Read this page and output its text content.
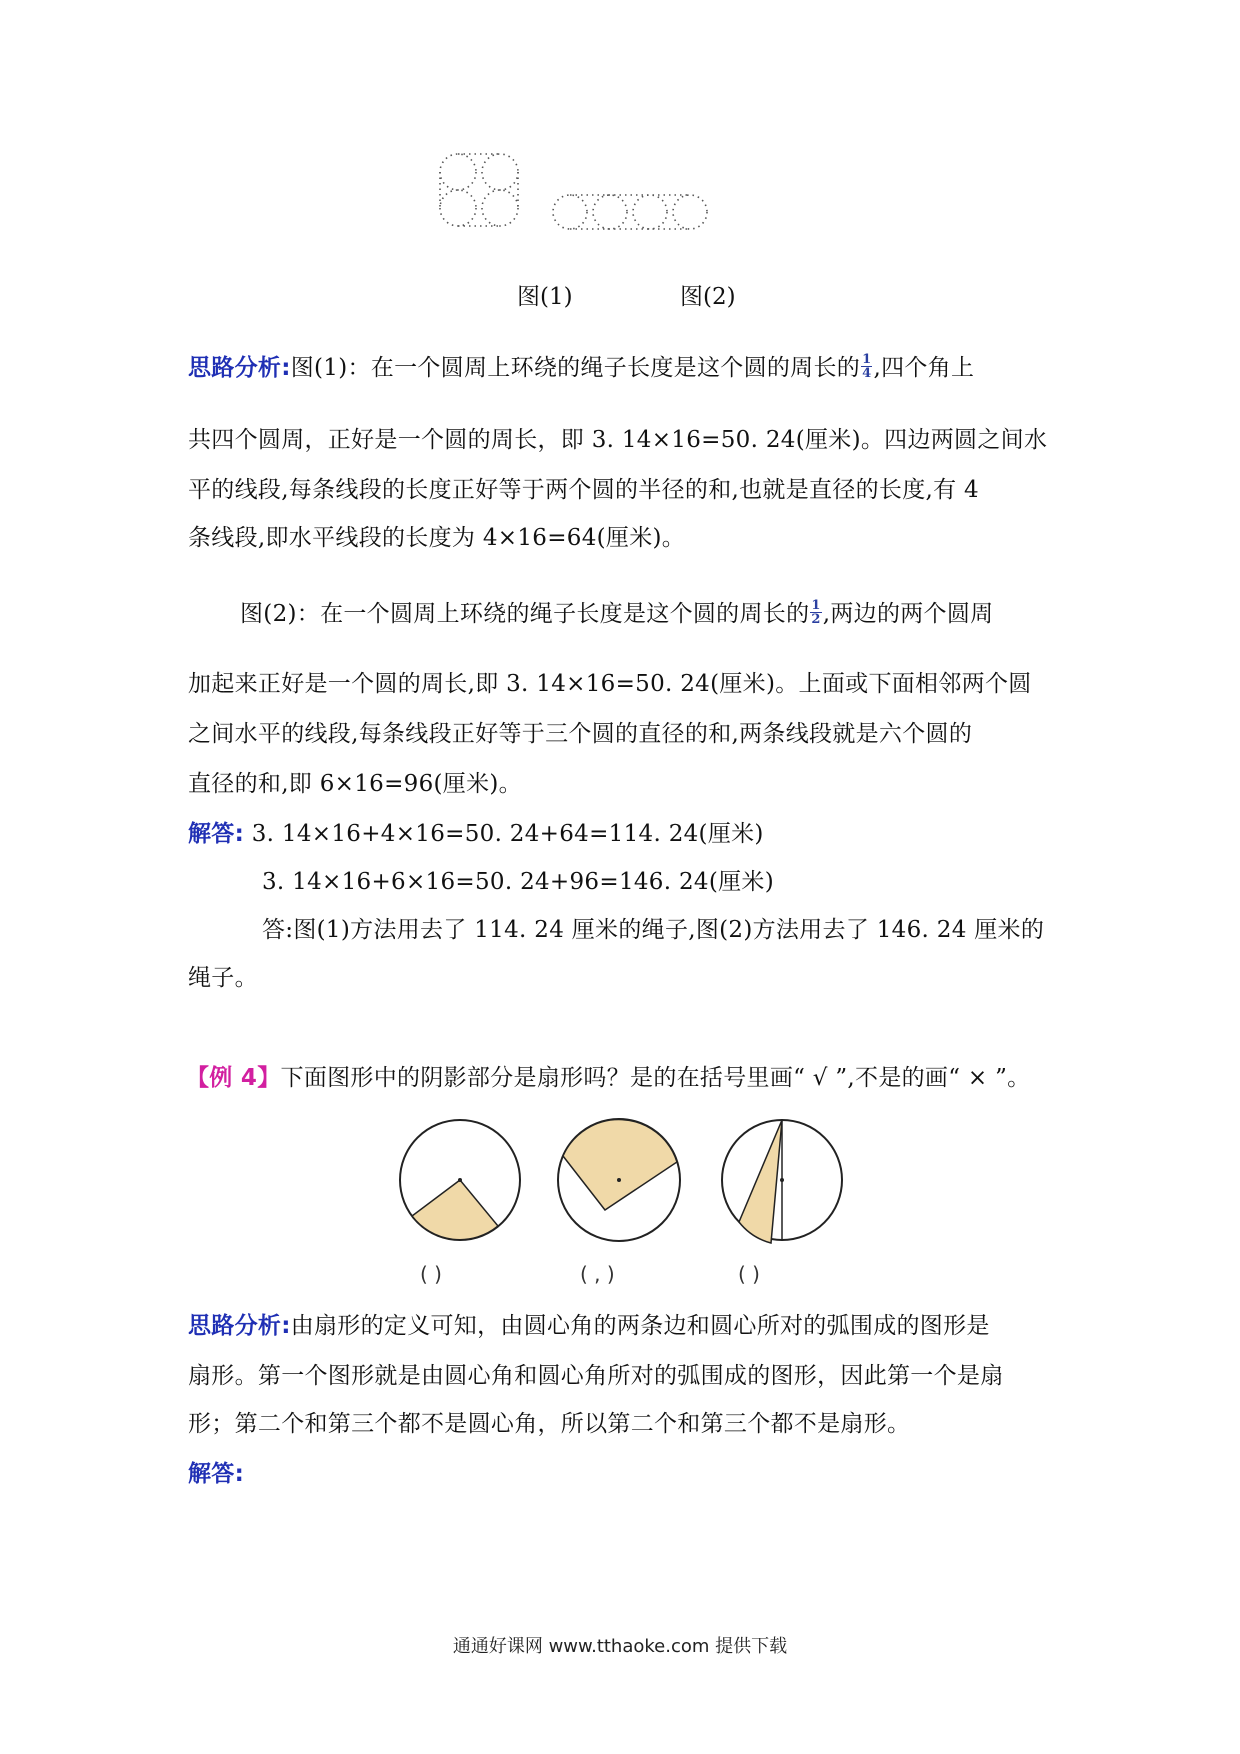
图(1)	图(2)
思路分析:图(1)：在一个圆周上环绕的绳子长度是这个圆的周长的 $\frac{1}{4}$ ,四个角上
共四个圆周，正好是一个圆的周长，即 3. 14×16=50. 24(厘米)。四边两圆之间水
平的线段,每条线段的长度正好等于两个圆的半径的和,也就是直径的长度,有 4
条线段,即水平线段的长度为 4×16=64(厘米)。
图(2)：在一个圆周上环绕的绳子长度是这个圆的周长的 $\frac{1}{2}$ ,两边的两个圆周
加起来正好是一个圆的周长,即 3. 14×16=50. 24(厘米)。上面或下面相邻两个圆
之间水平的线段,每条线段正好等于三个圆的直径的和,两条线段就是六个圆的
直径的和,即 6×16=96(厘米)。
解答: 3. 14×16+4×16=50. 24+64=114. 24(厘米)
3. 14×16+6×16=50. 24+96=146. 24(厘米)
答:图(1)方法用去了 114. 24 厘米的绳子,图(2)方法用去了 146. 24 厘米的
绳子。
【例 4】下面图形中的阴影部分是扇形吗？是的在括号里画“ √ ”,不是的画“ × ”。
( )	( , )	( )
思路分析:由扇形的定义可知，由圆心角的两条边和圆心所对的弧围成的图形是
扇形。第一个图形就是由圆心角和圆心角所对的弧围成的图形，因此第一个是扇
形；第二个和第三个都不是圆心角，所以第二个和第三个都不是扇形。
解答:
通通好课网 www.tthaoke.com 提供下载
